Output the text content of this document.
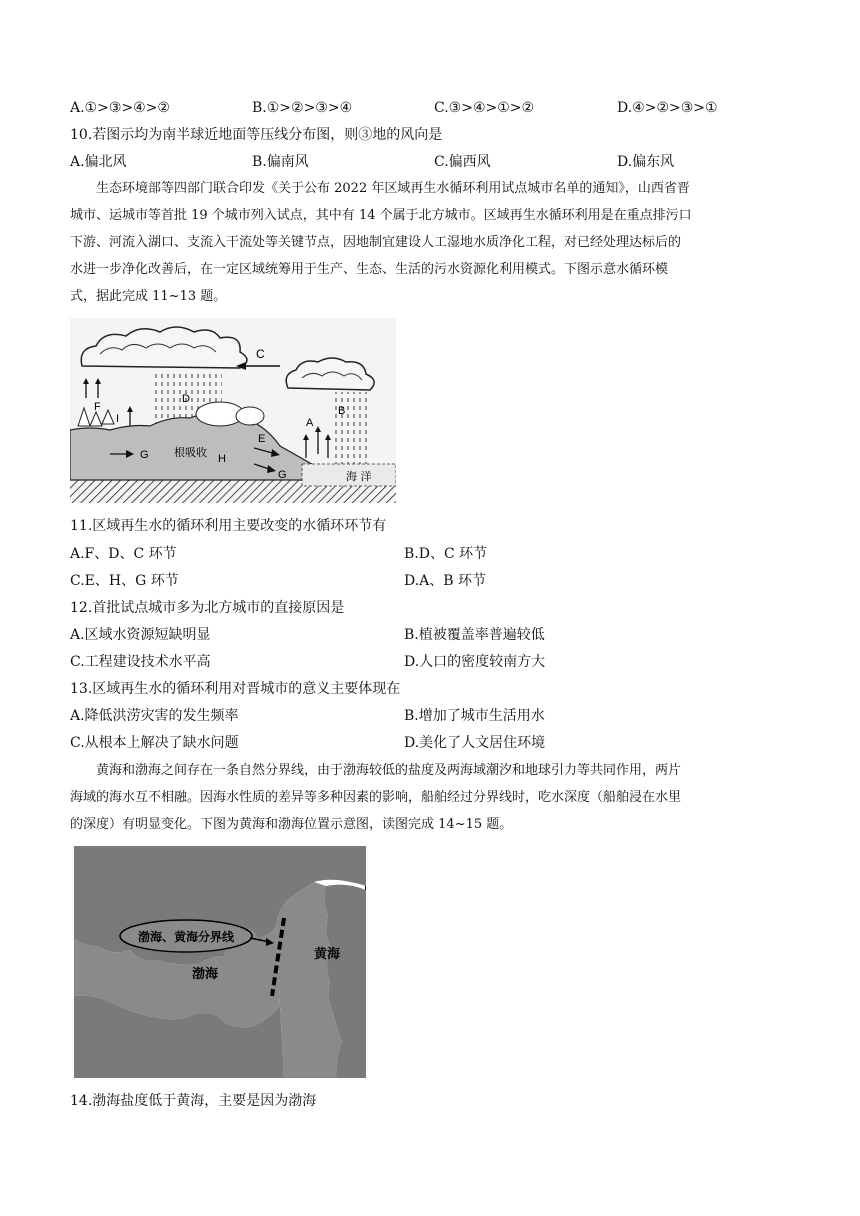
A.①>③>④>②	B.①>②>③>④	C.③>④>①>②	D.④>②>③>①
10.若图示均为南半球近地面等压线分布图，则③地的风向是
A.偏北风	B.偏南风	C.偏西风	D.偏东风

生态环境部等四部门联合印发《关于公布 2022 年区域再生水循环利用试点城市名单的通知》，山西省晋

城市、运城市等首批 19 个城市列入试点，其中有 14 个属于北方城市。区域再生水循环利用是在重点排污口

下游、河流入湖口、支流入干流处等关键节点，因地制宜建设人工湿地水质净化工程，对已经处理达标后的

水进一步净化改善后，在一定区域统筹用于生产、生态、生活的污水资源化利用模式。下图示意水循环模

式，据此完成 11~13 题。

C
D
B
A
F
I
海 洋
E
G
G
根吸收 H
11.区域再生水的循环利用主要改变的水循环环节有
A.F、D、C 环节	B.D、C 环节
C.E、H、G 环节	D.A、B 环节
12.首批试点城市多为北方城市的直接原因是
A.区域水资源短缺明显	B.植被覆盖率普遍较低
C.工程建设技术水平高	D.人口的密度较南方大
13.区域再生水的循环利用对晋城市的意义主要体现在
A.降低洪涝灾害的发生频率	B.增加了城市生活用水
C.从根本上解决了缺水问题	D.美化了人文居住环境

黄海和渤海之间存在一条自然分界线，由于渤海较低的盐度及两海域潮汐和地球引力等共同作用，两片

海域的海水互不相融。因海水性质的差异等多种因素的影响，船舶经过分界线时，吃水深度（船舶浸在水里

的深度）有明显变化。下图为黄海和渤海位置示意图，读图完成 14~15 题。

渤海、黄海分界线
渤海
黄海
14.渤海盐度低于黄海，主要是因为渤海
